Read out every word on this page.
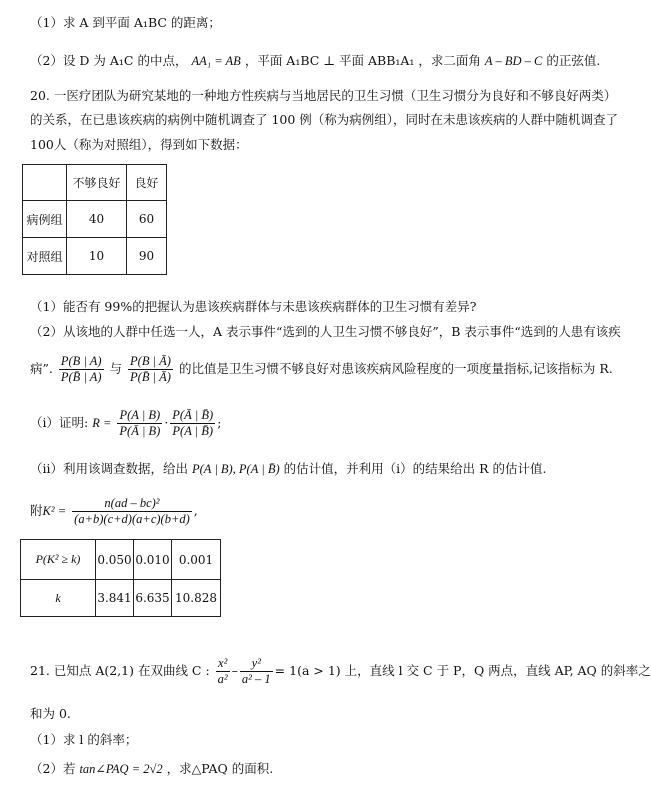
（1）求 A 到平面 A₁BC 的距离；
（2）设 D 为 A₁C 的中点， AA₁ = AB ，平面 A₁BC ⊥ 平面 ABB₁A₁ ，求二面角 A – BD – C 的正弦值.
20. 一医疗团队为研究某地的一种地方性疾病与当地居民的卫生习惯（卫生习惯分为良好和不够良好两类）
的关系，在已患该疾病的病例中随机调查了 100 例（称为病例组），同时在未患该疾病的人群中随机调查了
100人（称为对照组），得到如下数据：
	不够良好	良好
病例组	40	60
对照组	10	90
（1）能否有 99%的把握认为患该疾病群体与未患该疾病群体的卫生习惯有差异?
（2）从该地的人群中任选一人，A 表示事件“选到的人卫生习惯不够良好”，B 表示事件“选到的人患有该疾
病”. $\frac{P(B | A)}{P(B̄ | A)}$ 与 $\frac{P(B | Ā)}{P(B̄ | Ā)}$ 的比值是卫生习惯不够良好对患该疾病风险程度的一项度量指标,记该指标为 R.
（i）证明: $R = \frac{P(A | B)}{P(Ā | B)} \cdot \frac{P(Ā | B̄)}{P(A | B̄)}$ ;
（ii）利用该调查数据，给出 P(A | B), P(A | B̄) 的估计值，并利用（i）的结果给出 R 的估计值.
附$K^2 = \frac{\text{n(ad – bc)²}}{(a+b)(c+d)(a+c)(b+d)}$ ,
P(K² ≥ k)	0.050	0.010	0.001
k	3.841	6.635	10.828
21. 已知点 A(2,1) 在双曲线 C : $\frac{\text{x²}}{\text{a²}} - \frac{\text{y²}}{\text{a² – 1}} = 1(a > 1)$ 上，直线 l 交 C 于 P，Q 两点，直线 AP, AQ 的斜率之
和为 0.
（1）求 l 的斜率；
（2）若 tan∠PAQ = 2√2 ，求△PAQ 的面积.
